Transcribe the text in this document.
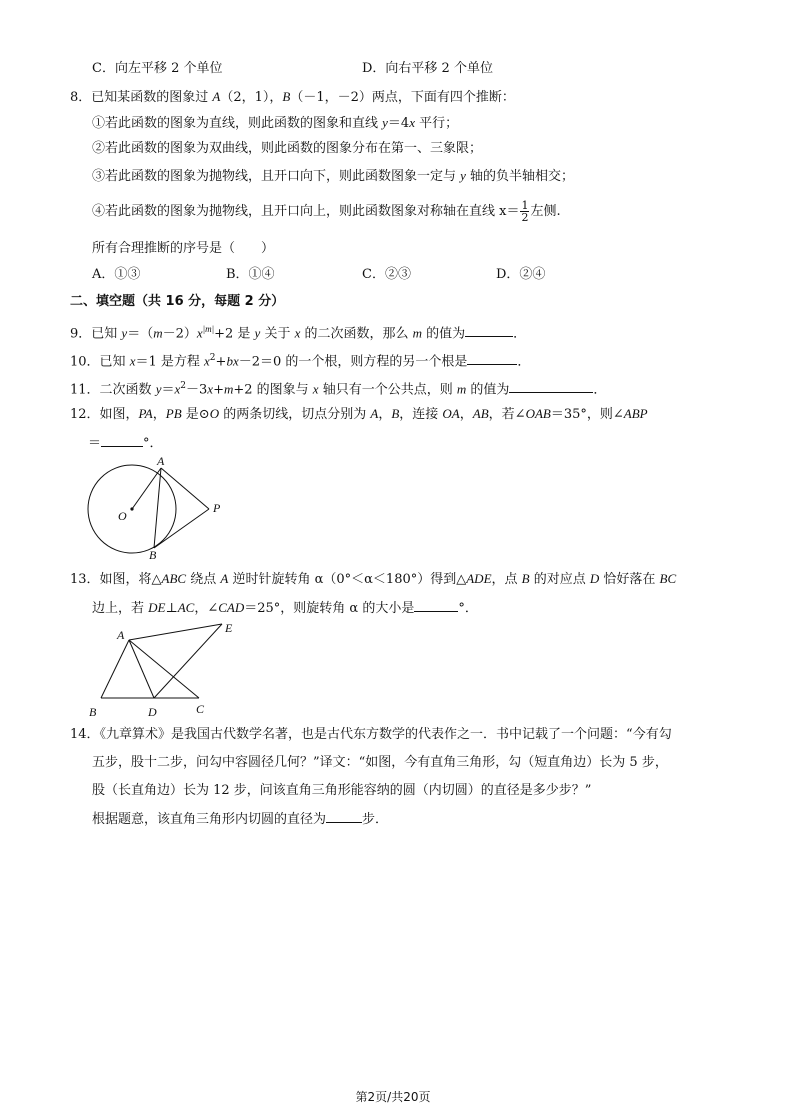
C．向左平移 2 个单位	D．向右平移 2 个单位
8．已知某函数的图象过 A（2，1），B（－1，－2）两点，下面有四个推断：
①若此函数的图象为直线，则此函数的图象和直线 y＝4x 平行；
②若此函数的图象为双曲线，则此函数的图象分布在第一、三象限；
③若此函数的图象为抛物线，且开口向下，则此函数图象一定与 y 轴的负半轴相交；
④若此函数的图象为抛物线，且开口向上，则此函数图象对称轴在直线 $x= \frac{1}{2}$ 左侧.
所有合理推断的序号是（　　）
A．①③	B．①④	C．②③	D．②④
二、填空题（共 16 分，每题 2 分）
9．已知 $y=(m-2)x^{|m|}+2$ 是 y 关于 x 的二次函数，那么 m 的值为	．
10．已知 x＝1 是方程 $x^2+bx-2=0$ 的一个根，则方程的另一个根是	．
11．二次函数 $y=x^2-3x+m+2$ 的图象与 x 轴只有一个公共点，则 m 的值为	．
12．如图，PA，PB 是⊙O 的两条切线，切点分别为 A，B，连接 OA，AB，若∠OAB＝35°，则∠ABP
＝	°．
A
B
O
P
13．如图，将△ABC 绕点 A 逆时针旋转角 α（0°＜α＜180°）得到△ADE，点 B 的对应点 D 恰好落在 BC
边上，若 DE⊥AC，∠CAD＝25°，则旋转角 α 的大小是	°．
A
B	D	C
E
14．《九章算术》是我国古代数学名著，也是古代东方数学的代表作之一．书中记载了一个问题：“今有勾
五步，股十二步，问勾中容圆径几何？”译文：“如图，今有直角三角形，勾（短直角边）长为 5 步，
股（长直角边）长为 12 步，问该直角三角形能容纳的圆（内切圆）的直径是多少步？”
根据题意，该直角三角形内切圆的直径为	步．
第2页/共20页
